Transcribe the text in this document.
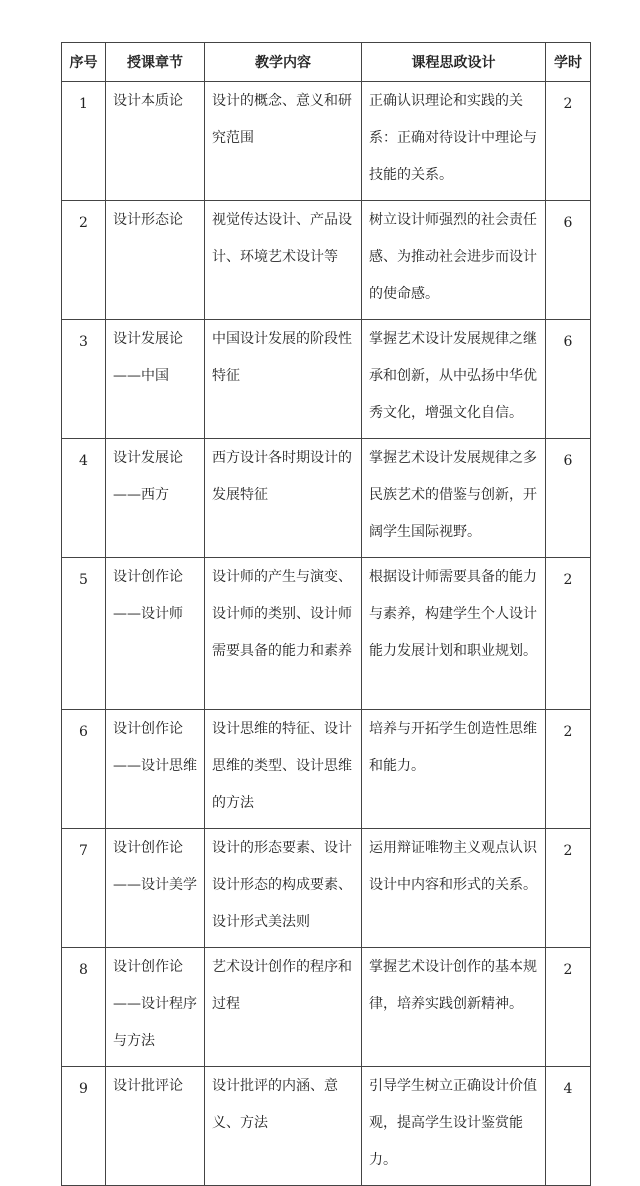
序号	授课章节	教学内容	课程思政设计	学时
1	设计本质论	设计的概念、意义和研究范围	正确认识理论和实践的关系：正确对待设计中理论与技能的关系。	2
2	设计形态论	视觉传达设计、产品设计、环境艺术设计等	树立设计师强烈的社会责任感、为推动社会进步而设计的使命感。	6
3	设计发展论——中国	中国设计发展的阶段性特征	掌握艺术设计发展规律之继承和创新，从中弘扬中华优秀文化，增强文化自信。	6
4	设计发展论——西方	西方设计各时期设计的发展特征	掌握艺术设计发展规律之多民族艺术的借鉴与创新，开阔学生国际视野。	6
5	设计创作论——设计师	设计师的产生与演变、设计师的类别、设计师需要具备的能力和素养	根据设计师需要具备的能力与素养，构建学生个人设计能力发展计划和职业规划。	2
6	设计创作论——设计思维	设计思维的特征、设计思维的类型、设计思维的方法	培养与开拓学生创造性思维和能力。	2
7	设计创作论——设计美学	设计的形态要素、设计设计形态的构成要素、设计形式美法则	运用辩证唯物主义观点认识设计中内容和形式的关系。	2
8	设计创作论——设计程序与方法	艺术设计创作的程序和过程	掌握艺术设计创作的基本规律，培养实践创新精神。	2
9	设计批评论	设计批评的内涵、意义、方法	引导学生树立正确设计价值观，提高学生设计鉴赏能力。	4
